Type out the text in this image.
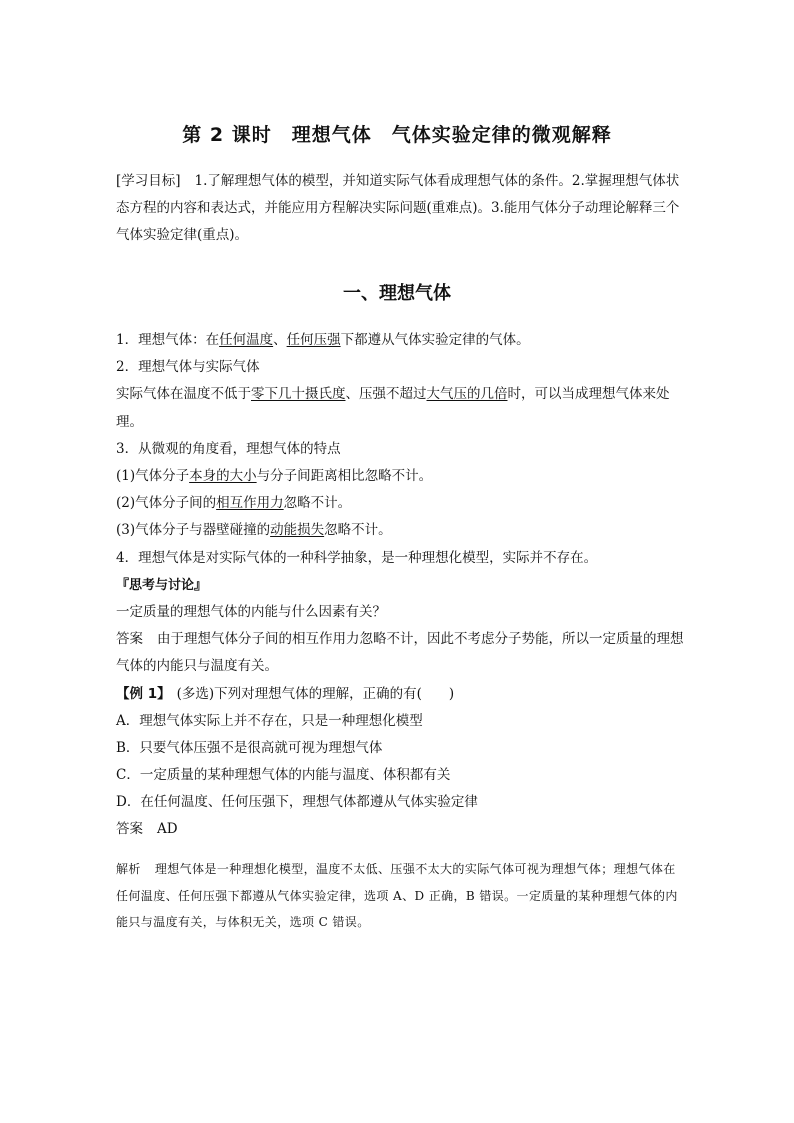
第 2 课时　理想气体　气体实验定律的微观解释
[学习目标] 1.了解理想气体的模型，并知道实际气体看成理想气体的条件。2.掌握理想气体状态方程的内容和表达式，并能应用方程解决实际问题(重难点)。3.能用气体分子动理论解释三个气体实验定律(重点)。
一、理想气体
1．理想气体：在任何温度、任何压强下都遵从气体实验定律的气体。
2．理想气体与实际气体
实际气体在温度不低于零下几十摄氏度、压强不超过大气压的几倍时，可以当成理想气体来处理。
3．从微观的角度看，理想气体的特点
(1)气体分子本身的大小与分子间距离相比忽略不计。
(2)气体分子间的相互作用力忽略不计。
(3)气体分子与器壁碰撞的动能损失忽略不计。
4．理想气体是对实际气体的一种科学抽象，是一种理想化模型，实际并不存在。
『思考与讨论』
一定质量的理想气体的内能与什么因素有关？
答案 由于理想气体分子间的相互作用力忽略不计，因此不考虑分子势能，所以一定质量的理想气体的内能只与温度有关。
【例 1】 (多选)下列对理想气体的理解，正确的有(　　)
A．理想气体实际上并不存在，只是一种理想化模型
B．只要气体压强不是很高就可视为理想气体
C．一定质量的某种理想气体的内能与温度、体积都有关
D．在任何温度、任何压强下，理想气体都遵从气体实验定律
答案 AD
解析 理想气体是一种理想化模型，温度不太低、压强不太大的实际气体可视为理想气体；理想气体在任何温度、任何压强下都遵从气体实验定律，选项 A、D 正确，B 错误。一定质量的某种理想气体的内能只与温度有关，与体积无关，选项 C 错误。
